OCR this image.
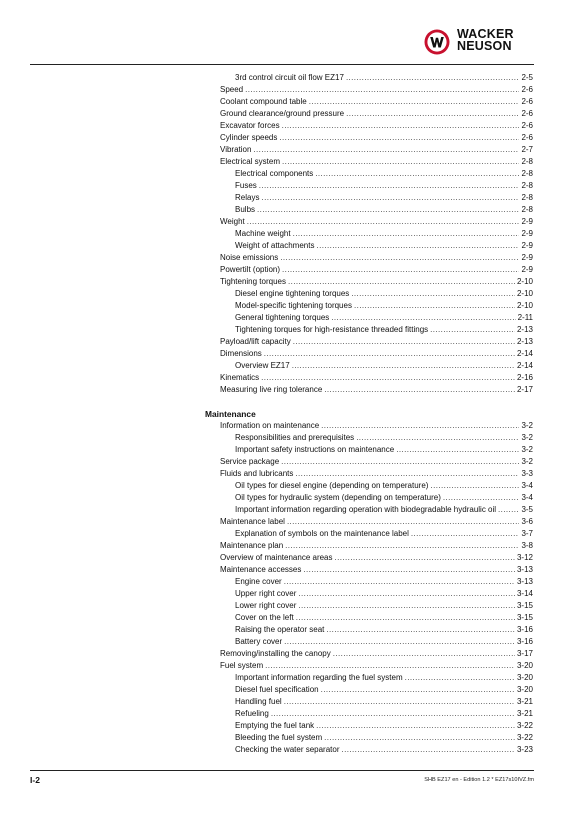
WACKER
NEUSON
3rd control circuit oil flow EZ17 .....	2-5
Speed .....	2-6
Coolant compound table .....	2-6
Ground clearance/ground pressure .....	2-6
Excavator forces .....	2-6
Cylinder speeds .....	2-6
Vibration .....	2-7
Electrical system .....	2-8
Electrical components .....	2-8
Fuses .....	2-8
Relays .....	2-8
Bulbs .....	2-8
Weight .....	2-9
Machine weight .....	2-9
Weight of attachments .....	2-9
Noise emissions .....	2-9
Powertilt (option) .....	2-9
Tightening torques .....	2-10
Diesel engine tightening torques .....	2-10
Model-specific tightening torques .....	2-10
General tightening torques .....	2-11
Tightening torques for high-resistance threaded fittings .....	2-13
Payload/lift capacity .....	2-13
Dimensions .....	2-14
Overview EZ17 .....	2-14
Kinematics .....	2-16
Measuring live ring tolerance .....	2-17
Maintenance
Information on maintenance .....	3-2
Responsibilities and prerequisites .....	3-2
Important safety instructions on maintenance .....	3-2
Service package .....	3-2
Fluids and lubricants .....	3-3
Oil types for diesel engine (depending on temperature) .....	3-4
Oil types for hydraulic system (depending on temperature) .....	3-4
Important information regarding operation with biodegradable hydraulic oil .....	3-5
Maintenance label .....	3-6
Explanation of symbols on the maintenance label .....	3-7
Maintenance plan .....	3-8
Overview of maintenance areas .....	3-12
Maintenance accesses .....	3-13
Engine cover .....	3-13
Upper right cover .....	3-14
Lower right cover .....	3-15
Cover on the left .....	3-15
Raising the operator seat .....	3-16
Battery cover .....	3-16
Removing/installing the canopy .....	3-17
Fuel system .....	3-20
Important information regarding the fuel system .....	3-20
Diesel fuel specification .....	3-20
Handling fuel .....	3-21
Refueling .....	3-21
Emptying the fuel tank .....	3-22
Bleeding the fuel system .....	3-22
Checking the water separator .....	3-23
I-2	SHB EZ17 en - Edition 1.2 * EZ17s10IVZ.fm
